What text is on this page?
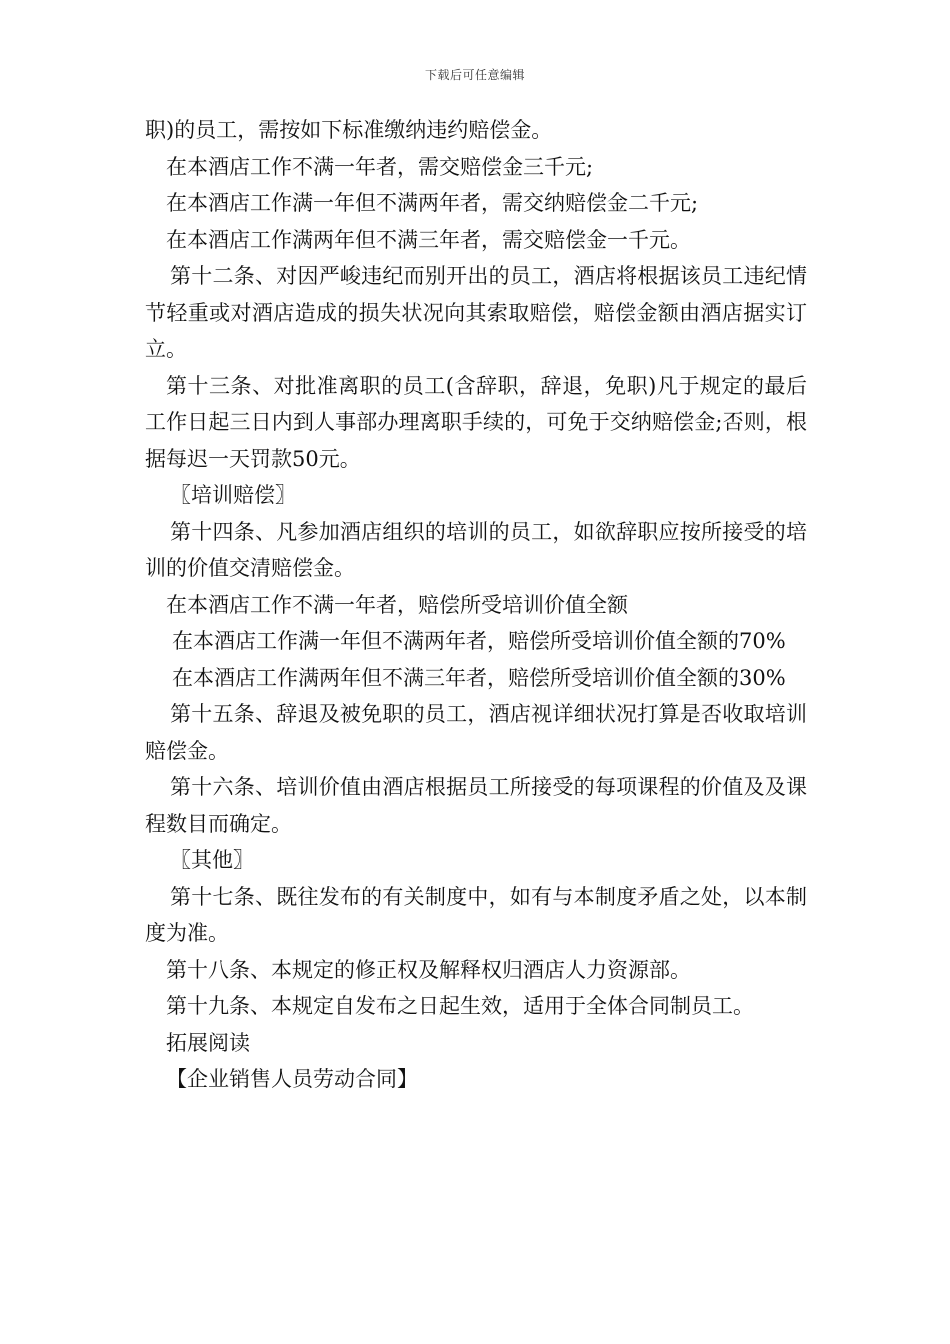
下载后可任意编辑

职)的员工，需按如下标准缴纳违约赔偿金。

在本酒店工作不满一年者，需交赔偿金三千元;

在本酒店工作满一年但不满两年者，需交纳赔偿金二千元;

在本酒店工作满两年但不满三年者，需交赔偿金一千元。

第十二条、对因严峻违纪而别开出的员工，酒店将根据该员工违纪情节轻重或对酒店造成的损失状况向其索取赔偿，赔偿金额由酒店据实订立。

第十三条、对批准离职的员工(含辞职，辞退，免职)凡于规定的最后工作日起三日内到人事部办理离职手续的，可免于交纳赔偿金;否则，根据每迟一天罚款50元。

〖培训赔偿〗

第十四条、凡参加酒店组织的培训的员工，如欲辞职应按所接受的培训的价值交清赔偿金。

在本酒店工作不满一年者，赔偿所受培训价值全额

在本酒店工作满一年但不满两年者，赔偿所受培训价值全额的70%

在本酒店工作满两年但不满三年者，赔偿所受培训价值全额的30%

第十五条、辞退及被免职的员工，酒店视详细状况打算是否收取培训赔偿金。

第十六条、培训价值由酒店根据员工所接受的每项课程的价值及及课程数目而确定。

〖其他〗

第十七条、既往发布的有关制度中，如有与本制度矛盾之处，以本制度为准。

第十八条、本规定的修正权及解释权归酒店人力资源部。

第十九条、本规定自发布之日起生效，适用于全体合同制员工。

拓展阅读

【企业销售人员劳动合同】
